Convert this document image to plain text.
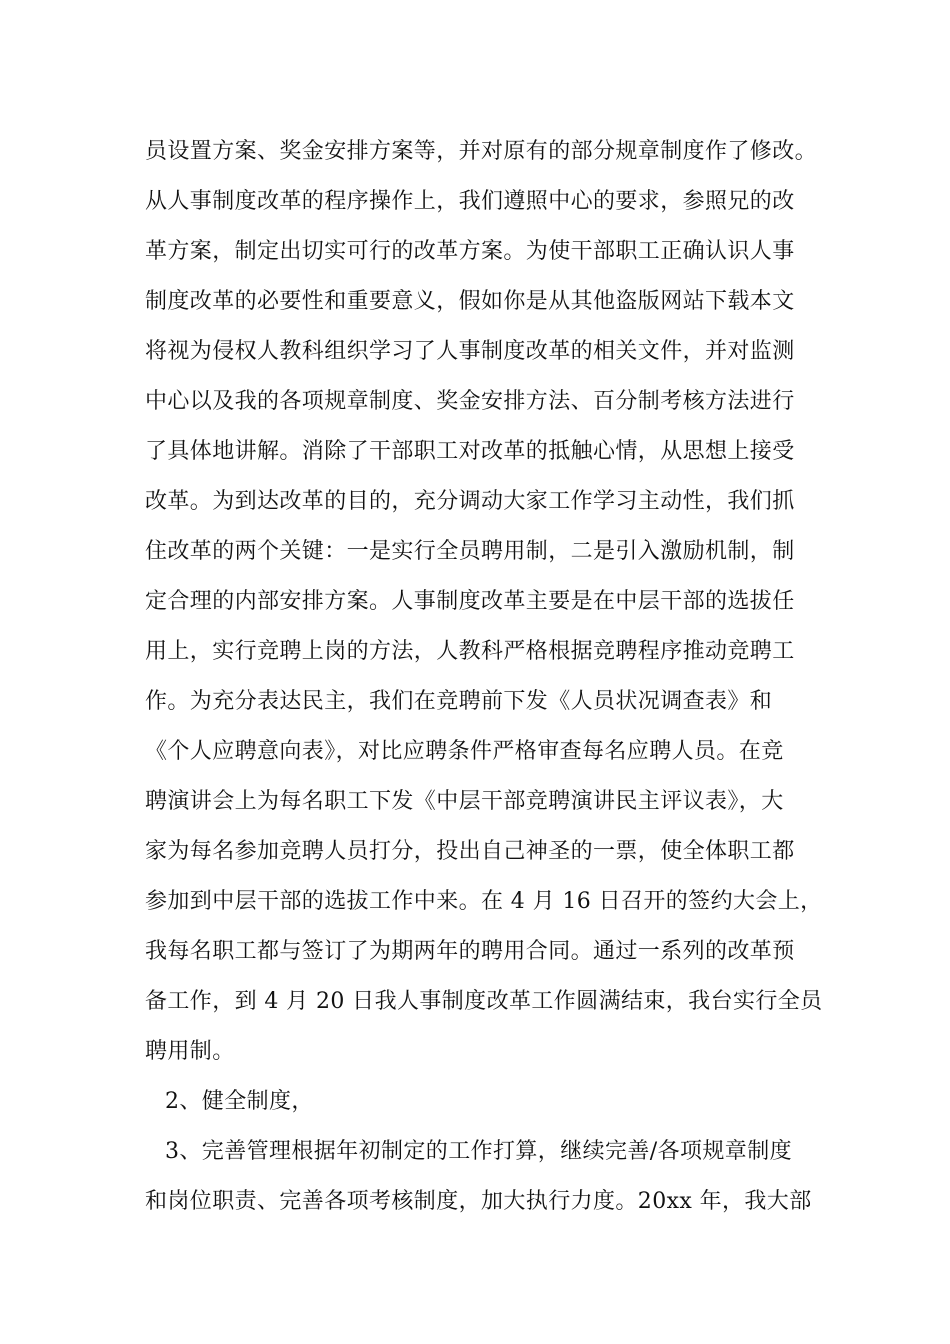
员设置方案、奖金安排方案等，并对原有的部分规章制度作了修改。
从人事制度改革的程序操作上，我们遵照中心的要求，参照兄的改
革方案，制定出切实可行的改革方案。为使干部职工正确认识人事
制度改革的必要性和重要意义，假如你是从其他盗版网站下载本文
将视为侵权人教科组织学习了人事制度改革的相关文件，并对监测
中心以及我的各项规章制度、奖金安排方法、百分制考核方法进行
了具体地讲解。消除了干部职工对改革的抵触心情，从思想上接受
改革。为到达改革的目的，充分调动大家工作学习主动性，我们抓
住改革的两个关键：一是实行全员聘用制，二是引入激励机制，制
定合理的内部安排方案。人事制度改革主要是在中层干部的选拔任
用上，实行竞聘上岗的方法，人教科严格根据竞聘程序推动竞聘工
作。为充分表达民主，我们在竞聘前下发《人员状况调查表》和
《个人应聘意向表》，对比应聘条件严格审查每名应聘人员。在竞
聘演讲会上为每名职工下发《中层干部竞聘演讲民主评议表》，大
家为每名参加竞聘人员打分，投出自己神圣的一票，使全体职工都
参加到中层干部的选拔工作中来。在 4 月 16 日召开的签约大会上，
我每名职工都与签订了为期两年的聘用合同。通过一系列的改革预
备工作，到 4 月 20 日我人事制度改革工作圆满结束，我台实行全员
聘用制。
2、健全制度，
3、完善管理根据年初制定的工作打算，继续完善/各项规章制度
和岗位职责、完善各项考核制度，加大执行力度。20xx 年，我大部
